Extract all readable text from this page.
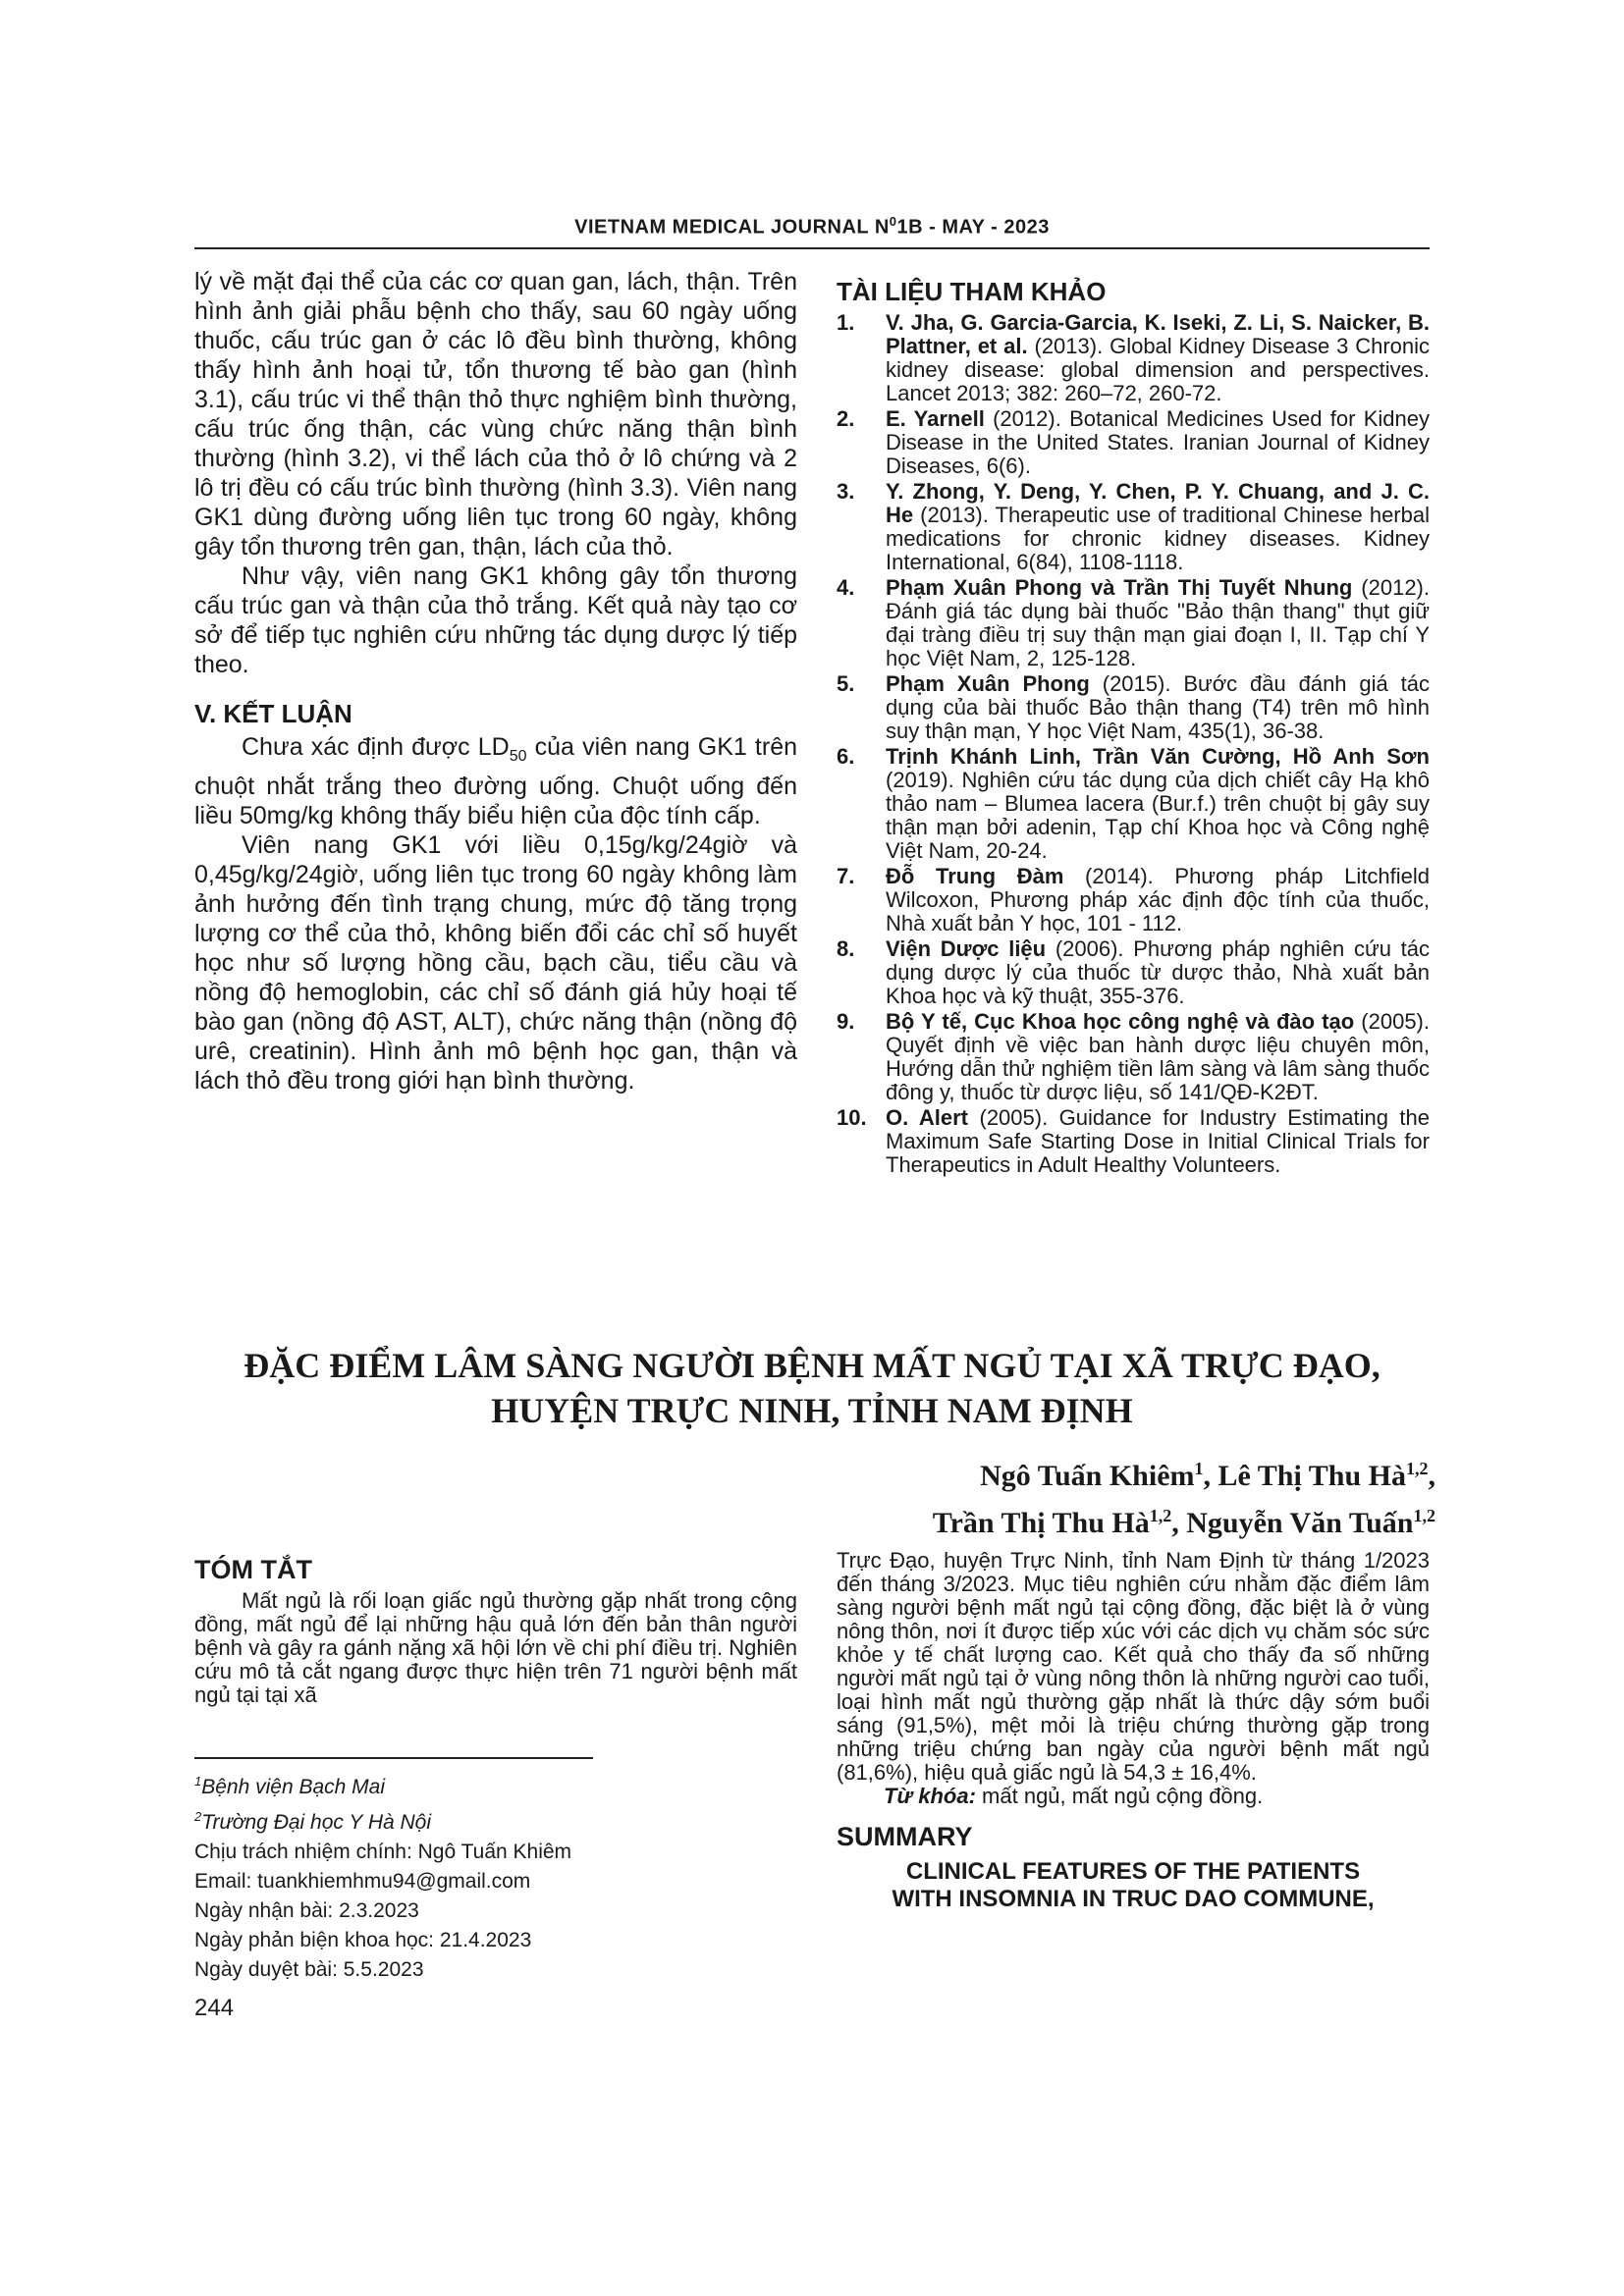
VIETNAM MEDICAL JOURNAL $N^01B$ - MAY - 2023

lý về mặt đại thể của các cơ quan gan, lách, thận. Trên hình ảnh giải phẫu bệnh cho thấy, sau 60 ngày uống thuốc, cấu trúc gan ở các lô đều bình thường, không thấy hình ảnh hoại tử, tổn thương tế bào gan (hình 3.1), cấu trúc vi thể thận thỏ thực nghiệm bình thường, cấu trúc ống thận, các vùng chức năng thận bình thường (hình 3.2), vi thể lách của thỏ ở lô chứng và 2 lô trị đều có cấu trúc bình thường (hình 3.3). Viên nang GK1 dùng đường uống liên tục trong 60 ngày, không gây tổn thương trên gan, thận, lách của thỏ.

Như vậy, viên nang GK1 không gây tổn thương cấu trúc gan và thận của thỏ trắng. Kết quả này tạo cơ sở để tiếp tục nghiên cứu những tác dụng dược lý tiếp theo.

V. KẾT LUẬN

Chưa xác định được $LD_{50}$ của viên nang GK1 trên chuột nhắt trắng theo đường uống. Chuột uống đến liều 50mg/kg không thấy biểu hiện của độc tính cấp.

Viên nang GK1 với liều 0,15g/kg/24giờ và 0,45g/kg/24giờ, uống liên tục trong 60 ngày không làm ảnh hưởng đến tình trạng chung, mức độ tăng trọng lượng cơ thể của thỏ, không biến đổi các chỉ số huyết học như số lượng hồng cầu, bạch cầu, tiểu cầu và nồng độ hemoglobin, các chỉ số đánh giá hủy hoại tế bào gan (nồng độ AST, ALT), chức năng thận (nồng độ urê, creatinin). Hình ảnh mô bệnh học gan, thận và lách thỏ đều trong giới hạn bình thường.

TÀI LIỆU THAM KHẢO
1. V. Jha, G. Garcia-Garcia, K. Iseki, Z. Li, S. Naicker, B. Plattner, et al. (2013). Global Kidney Disease 3 Chronic kidney disease: global dimension and perspectives. Lancet 2013; 382: 260–72, 260-72.
2. E. Yarnell (2012). Botanical Medicines Used for Kidney Disease in the United States. Iranian Journal of Kidney Diseases, 6(6).
3. Y. Zhong, Y. Deng, Y. Chen, P. Y. Chuang, and J. C. He (2013). Therapeutic use of traditional Chinese herbal medications for chronic kidney diseases. Kidney International, 6(84), 1108-1118.
4. Phạm Xuân Phong và Trần Thị Tuyết Nhung (2012). Đánh giá tác dụng bài thuốc "Bảo thận thang" thụt giữ đại tràng điều trị suy thận mạn giai đoạn I, II. Tạp chí Y học Việt Nam, 2, 125-128.
5. Phạm Xuân Phong (2015). Bước đầu đánh giá tác dụng của bài thuốc Bảo thận thang (T4) trên mô hình suy thận mạn, Y học Việt Nam, 435(1), 36-38.
6. Trịnh Khánh Linh, Trần Văn Cường, Hồ Anh Sơn (2019). Nghiên cứu tác dụng của dịch chiết cây Hạ khô thảo nam – Blumea lacera (Bur.f.) trên chuột bị gây suy thận mạn bởi adenin, Tạp chí Khoa học và Công nghệ Việt Nam, 20-24.
7. Đỗ Trung Đàm (2014). Phương pháp Litchfield Wilcoxon, Phương pháp xác định độc tính của thuốc, Nhà xuất bản Y học, 101 - 112.
8. Viện Dược liệu (2006). Phương pháp nghiên cứu tác dụng dược lý của thuốc từ dược thảo, Nhà xuất bản Khoa học và kỹ thuật, 355-376.
9. Bộ Y tế, Cục Khoa học công nghệ và đào tạo (2005). Quyết định về việc ban hành dược liệu chuyên môn, Hướng dẫn thử nghiệm tiền lâm sàng và lâm sàng thuốc đông y, thuốc từ dược liệu, số 141/QĐ-K2ĐT.
10. O. Alert (2005). Guidance for Industry Estimating the Maximum Safe Starting Dose in Initial Clinical Trials for Therapeutics in Adult Healthy Volunteers.
ĐẶC ĐIỂM LÂM SÀNG NGƯỜI BỆNH MẤT NGỦ TẠI XÃ TRỰC ĐẠO,
HUYỆN TRỰC NINH, TỈNH NAM ĐỊNH
Ngô Tuấn Khiêm$^1$, Lê Thị Thu Hà$^{1,2}$,
Trần Thị Thu Hà$^{1,2}$, Nguyễn Văn Tuấn$^{1,2}$
TÓM TẮT

Mất ngủ là rối loạn giấc ngủ thường gặp nhất trong cộng đồng, mất ngủ để lại những hậu quả lớn đến bản thân người bệnh và gây ra gánh nặng xã hội lớn về chi phí điều trị. Nghiên cứu mô tả cắt ngang được thực hiện trên 71 người bệnh mất ngủ tại tại xã

$^1$Bệnh viện Bạch Mai
$^2$Trường Đại học Y Hà Nội
Chịu trách nhiệm chính: Ngô Tuấn Khiêm
Email: tuankhiemhmu94@gmail.com
Ngày nhận bài: 2.3.2023
Ngày phản biện khoa học: 21.4.2023
Ngày duyệt bài: 5.5.2023
244

Trực Đạo, huyện Trực Ninh, tỉnh Nam Định từ tháng 1/2023 đến tháng 3/2023. Mục tiêu nghiên cứu nhằm đặc điểm lâm sàng người bệnh mất ngủ tại cộng đồng, đặc biệt là ở vùng nông thôn, nơi ít được tiếp xúc với các dịch vụ chăm sóc sức khỏe y tế chất lượng cao. Kết quả cho thấy đa số những người mất ngủ tại ở vùng nông thôn là những người cao tuổi, loại hình mất ngủ thường gặp nhất là thức dậy sớm buổi sáng (91,5%), mệt mỏi là triệu chứng thường gặp trong những triệu chứng ban ngày của người bệnh mất ngủ (81,6%), hiệu quả giấc ngủ là 54,3 ± 16,4%.

Từ khóa: mất ngủ, mất ngủ cộng đồng.

SUMMARY
CLINICAL FEATURES OF THE PATIENTS
WITH INSOMNIA IN TRUC DAO COMMUNE,
